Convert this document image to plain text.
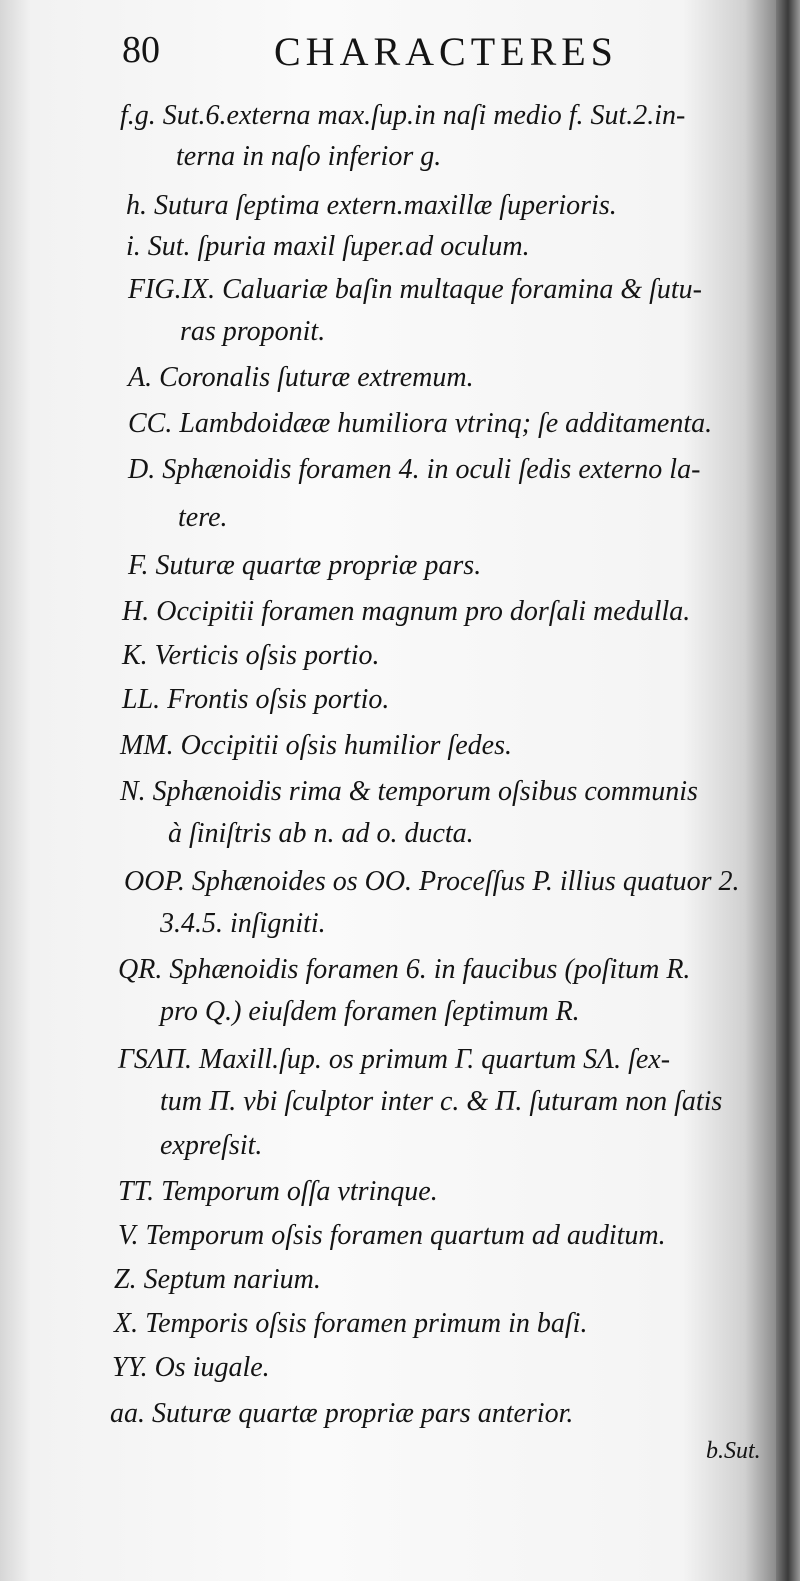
80	CHARACTERES
f.g. Sut.6.externa max.ſup.in naſi medio f. Sut.2.in-
terna in naſo inferior g.
h. Sutura ſeptima extern.maxillæ ſuperioris.
i. Sut. ſpuria maxil ſuper.ad oculum.
FIG.IX. Caluariæ baſin multaque foramina & ſutu-
ras proponit.
A. Coronalis ſuturæ extremum.
CC. Lambdoidææ humiliora vtrinq; ſe additamenta.
D. Sphænoidis foramen 4. in oculi ſedis externo la-
tere.
F. Suturæ quartæ propriæ pars.
H. Occipitii foramen magnum pro dorſali medulla.
K. Verticis oſsis portio.
LL. Frontis oſsis portio.
MM. Occipitii oſsis humilior ſedes.
N. Sphænoidis rima & temporum oſsibus communis
à ſiniſtris ab n. ad o. ducta.
OOP. Sphænoides os OO. Proceſſus P. illius quatuor 2.
3.4.5. inſigniti.
QR. Sphænoidis foramen 6. in faucibus (poſitum R.
pro Q.) eiuſdem foramen ſeptimum R.
ΓSΛΠ. Maxill.ſup. os primum Γ. quartum SΛ. ſex-
tum Π. vbi ſculptor inter c. & Π. ſuturam non ſatis
expreſsit.
TT. Temporum oſſa vtrinque.
V. Temporum oſsis foramen quartum ad auditum.
Z. Septum narium.
X. Temporis oſsis foramen primum in baſi.
YY. Os iugale.
aa. Suturæ quartæ propriæ pars anterior.
b.Sut.
